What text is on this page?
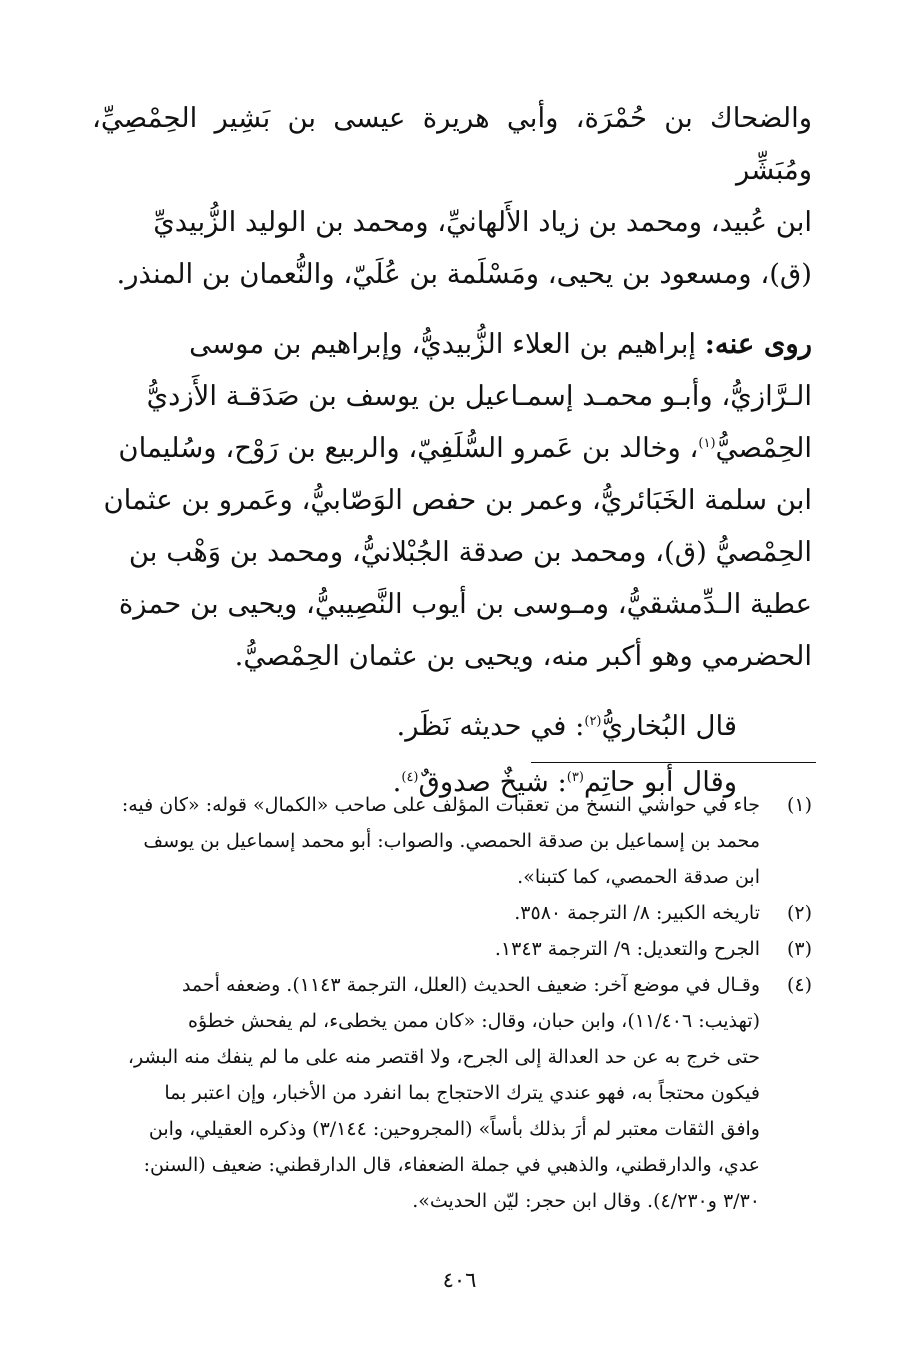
والضحاك بن حُمْرَة، وأبي هريرة عيسى بن بَشِير الحِمْصِيِّ، ومُبَشِّر
ابن عُبيد، ومحمد بن زياد الأَلهانيِّ، ومحمد بن الوليد الزُّبيديِّ
(ق)، ومسعود بن يحيى، ومَسْلَمة بن عُلَيّ، والنُّعمان بن المنذر.

روى عنه: إبراهيم بن العلاء الزُّبيديُّ، وإبراهيم بن موسى
الـرَّازيُّ، وأبـو محمـد إسمـاعيل بن يوسف بن صَدَقـة الأَزديُّ
الحِمْصيُّ$^{(١)}$، وخالد بن عَمرو السُّلَفِيّ، والربيع بن رَوْح، وسُليمان
ابن سلمة الخَبَائريُّ، وعمر بن حفص الوَصّابيُّ، وعَمرو بن عثمان
الحِمْصيُّ (ق)، ومحمد بن صدقة الجُبْلانيُّ، ومحمد بن وَهْب بن
عطية الـدِّمشقيُّ، ومـوسى بن أيوب النَّصِيبيُّ، ويحيى بن حمزة
الحضرمي وهو أكبر منه، ويحيى بن عثمان الحِمْصيُّ.

قال البُخاريُّ$^{(٢)}$: في حديثه نَظَر.

وقال أبو حاتِم$^{(٣)}$: شيخٌ صدوقٌ$^{(٤)}$.

(١)

جاء في حواشي النسخ من تعقبات المؤلف على صاحب «الكمال» قوله: «كان فيه:

محمد بن إسماعيل بن صدقة الحمصي. والصواب: أبو محمد إسماعيل بن يوسف

ابن صدقة الحمصي، كما كتبنا».

(٢)

تاريخه الكبير: ٨/ الترجمة ٣٥٨٠.

(٣)

الجرح والتعديل: ٩/ الترجمة ١٣٤٣.

(٤)

وقـال في موضع آخر: ضعيف الحديث (العلل، الترجمة ١١٤٣). وضعفه أحمد

(تهذيب: ١١/٤٠٦)، وابن حبان، وقال: «كان ممن يخطىء، لم يفحش خطؤه

حتى خرج به عن حد العدالة إلى الجرح، ولا اقتصر منه على ما لم ينفك منه البشر،

فيكون محتجاً به، فهو عندي يترك الاحتجاج بما انفرد من الأخبار، وإن اعتبر بما

وافق الثقات معتبر لم أرَ بذلك بأساً» (المجروحين: ٣/١٤٤) وذكره العقيلي، وابن

عدي، والدارقطني، والذهبي في جملة الضعفاء، قال الدارقطني: ضعيف (السنن:

٣/٣٠ و٤/٢٣٠). وقال ابن حجر: ليّن الحديث».

٤٠٦
